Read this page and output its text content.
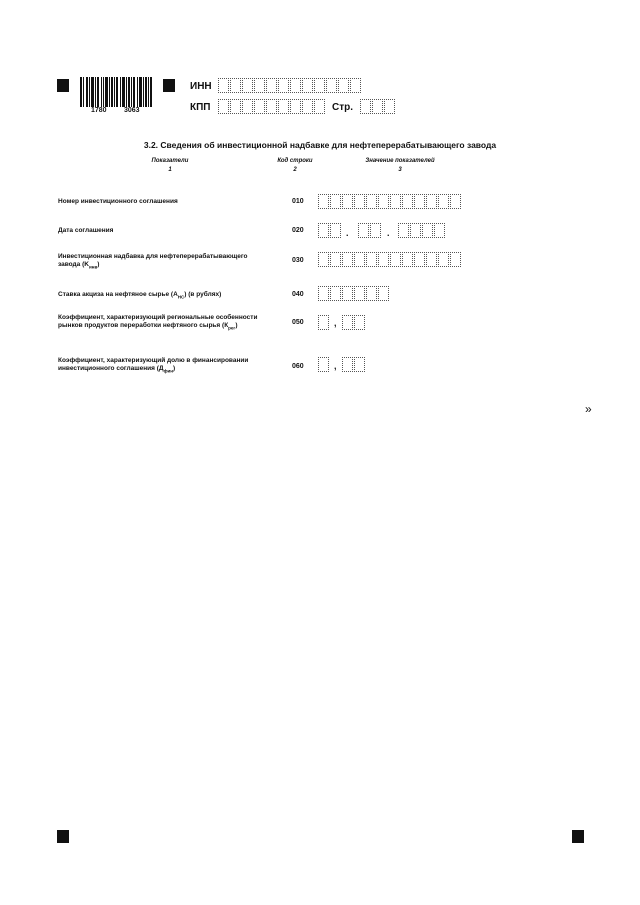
1780 3063
ИНН
КПП	Стр.
3.2. Сведения об инвестиционной надбавке для нефтеперерабатывающего завода
Показатели
1
Код строки
2
Значение показателей
3
Номер инвестиционного соглашения	010
Дата соглашения	020	.	.
Инвестиционная надбавка для нефтеперерабатывающего завода $(K_{инв})$
030
Ставка акциза на нефтяное сырье $(А_{НС})$ (в рублях)	040
Коэффициент, характеризующий региональные особенности рынков продуктов переработки нефтяного сырья $(К_{рег})$	050	,
Коэффициент, характеризующий долю в финансировании инвестиционного соглашения $(Д_{фин})$	060	,
»
